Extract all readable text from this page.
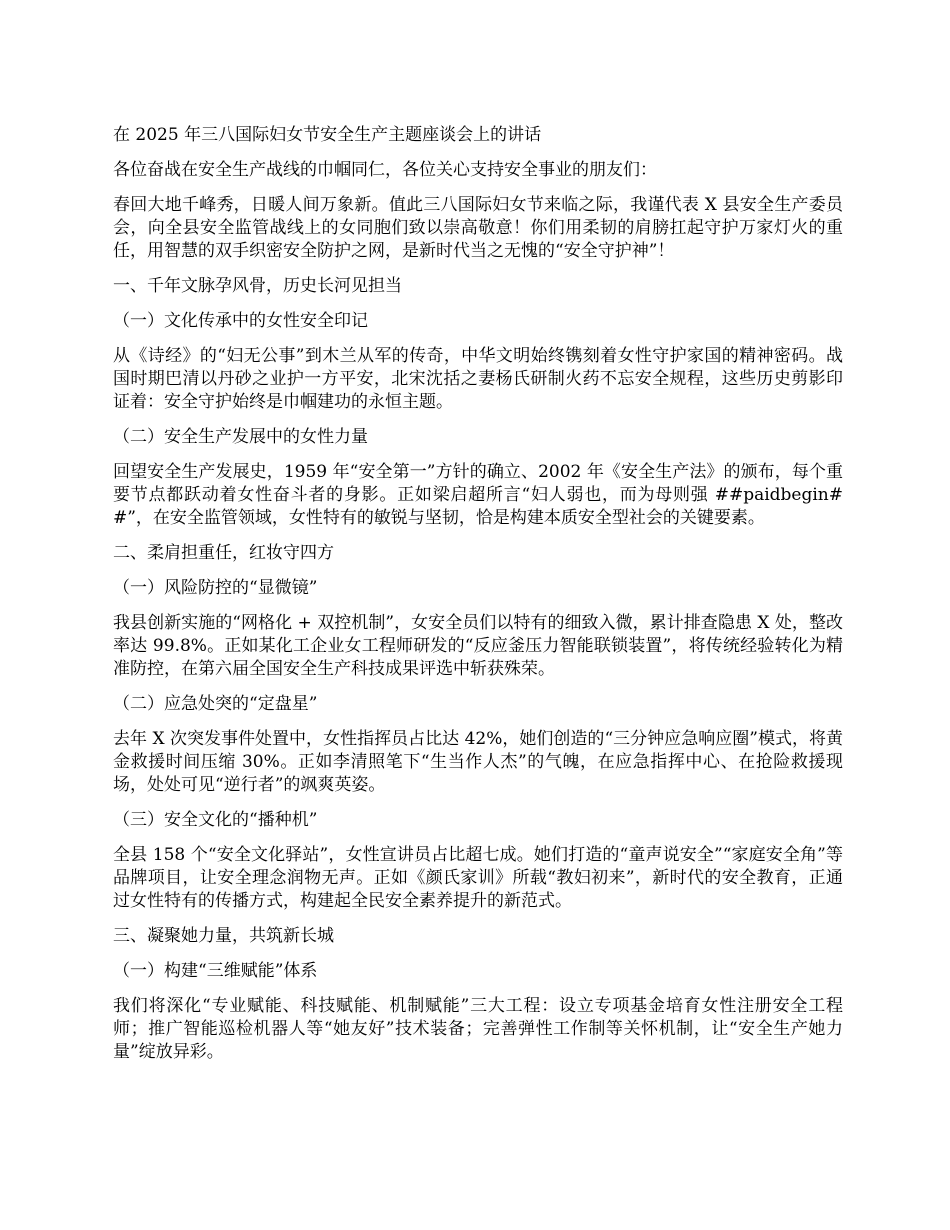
在 2025 年三八国际妇女节安全生产主题座谈会上的讲话

各位奋战在安全生产战线的巾帼同仁，各位关心支持安全事业的朋友们：

春回大地千峰秀，日暖人间万象新。值此三八国际妇女节来临之际，我谨代表 X 县安全生产委员会，向全县安全监管战线上的女同胞们致以崇高敬意！你们用柔韧的肩膀扛起守护万家灯火的重任，用智慧的双手织密安全防护之网，是新时代当之无愧的“安全守护神”！

一、千年文脉孕风骨，历史长河见担当

（一）文化传承中的女性安全印记

从《诗经》的“妇无公事”到木兰从军的传奇，中华文明始终镌刻着女性守护家国的精神密码。战国时期巴清以丹砂之业护一方平安，北宋沈括之妻杨氏研制火药不忘安全规程，这些历史剪影印证着：安全守护始终是巾帼建功的永恒主题。

（二）安全生产发展中的女性力量

回望安全生产发展史，1959 年“安全第一”方针的确立、2002 年《安全生产法》的颁布，每个重要节点都跃动着女性奋斗者的身影。正如梁启超所言“妇人弱也，而为母则强 ##paidbegin##”，在安全监管领域，女性特有的敏锐与坚韧，恰是构建本质安全型社会的关键要素。

二、柔肩担重任，红妆守四方

（一）风险防控的“显微镜”

我县创新实施的“网格化 + 双控机制”，女安全员们以特有的细致入微，累计排查隐患 X 处，整改率达 99.8%。正如某化工企业女工程师研发的“反应釜压力智能联锁装置”，将传统经验转化为精准防控，在第六届全国安全生产科技成果评选中斩获殊荣。

（二）应急处突的“定盘星”

去年 X 次突发事件处置中，女性指挥员占比达 42%，她们创造的“三分钟应急响应圈”模式，将黄金救援时间压缩 30%。正如李清照笔下“生当作人杰”的气魄，在应急指挥中心、在抢险救援现场，处处可见“逆行者”的飒爽英姿。

（三）安全文化的“播种机”

全县 158 个“安全文化驿站”，女性宣讲员占比超七成。她们打造的“童声说安全”“家庭安全角”等品牌项目，让安全理念润物无声。正如《颜氏家训》所载“教妇初来”，新时代的安全教育，正通过女性特有的传播方式，构建起全民安全素养提升的新范式。

三、凝聚她力量，共筑新长城

（一）构建“三维赋能”体系

我们将深化“专业赋能、科技赋能、机制赋能”三大工程：设立专项基金培育女性注册安全工程师；推广智能巡检机器人等“她友好”技术装备；完善弹性工作制等关怀机制，让“安全生产她力量”绽放异彩。
